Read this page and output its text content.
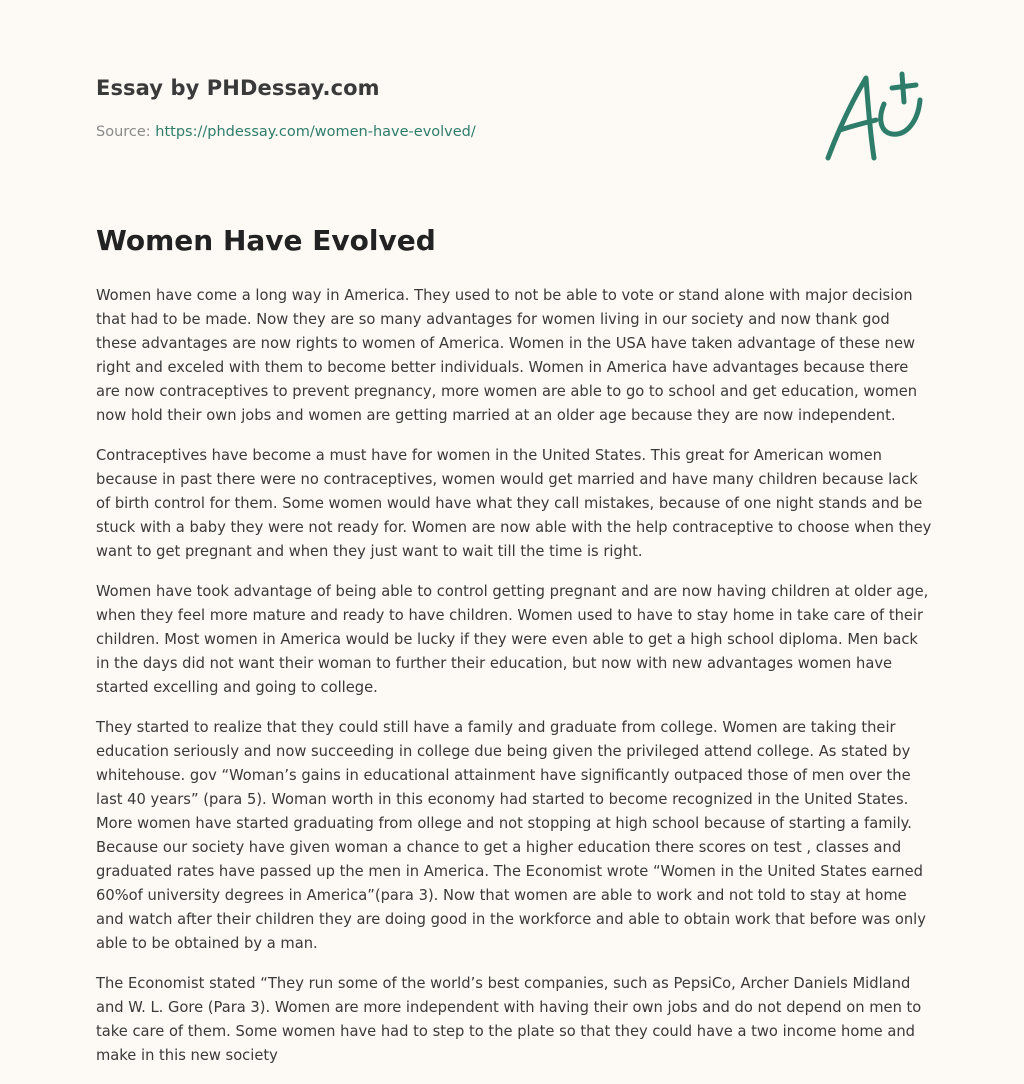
Essay by PHDessay.com
Source: https://phdessay.com/women-have-evolved/
Women Have Evolved

Women have come a long way in America. They used to not be able to vote or stand alone with major decision that had to be made. Now they are so many advantages for women living in our society and now thank god these advantages are now rights to women of America. Women in the USA have taken advantage of these new right and exceled with them to become better individuals. Women in America have advantages because there are now contraceptives to prevent pregnancy, more women are able to go to school and get education, women now hold their own jobs and women are getting married at an older age because they are now independent.

Contraceptives have become a must have for women in the United States. This great for American women because in past there were no contraceptives, women would get married and have many children because lack of birth control for them. Some women would have what they call mistakes, because of one night stands and be stuck with a baby they were not ready for. Women are now able with the help contraceptive to choose when they want to get pregnant and when they just want to wait till the time is right.

Women have took advantage of being able to control getting pregnant and are now having children at older age, when they feel more mature and ready to have children. Women used to have to stay home in take care of their children. Most women in America would be lucky if they were even able to get a high school diploma. Men back in the days did not want their woman to further their education, but now with new advantages women have started excelling and going to college.

They started to realize that they could still have a family and graduate from college. Women are taking their education seriously and now succeeding in college due being given the privileged attend college. As stated by whitehouse. gov “Woman’s gains in educational attainment have significantly outpaced those of men over the last 40 years” (para 5). Woman worth in this economy had started to become recognized in the United States. More women have started graduating from ollege and not stopping at high school because of starting a family. Because our society have given woman a chance to get a higher education there scores on test , classes and graduated rates have passed up the men in America. The Economist wrote “Women in the United States earned 60%of university degrees in America”(para 3). Now that women are able to work and not told to stay at home and watch after their children they are doing good in the workforce and able to obtain work that before was only able to be obtained by a man.

The Economist stated “They run some of the world’s best companies, such as PepsiCo, Archer Daniels Midland and W. L. Gore (Para 3). Women are more independent with having their own jobs and do not depend on men to take care of them. Some women have had to step to the plate so that they could have a two income home and make in this new society
